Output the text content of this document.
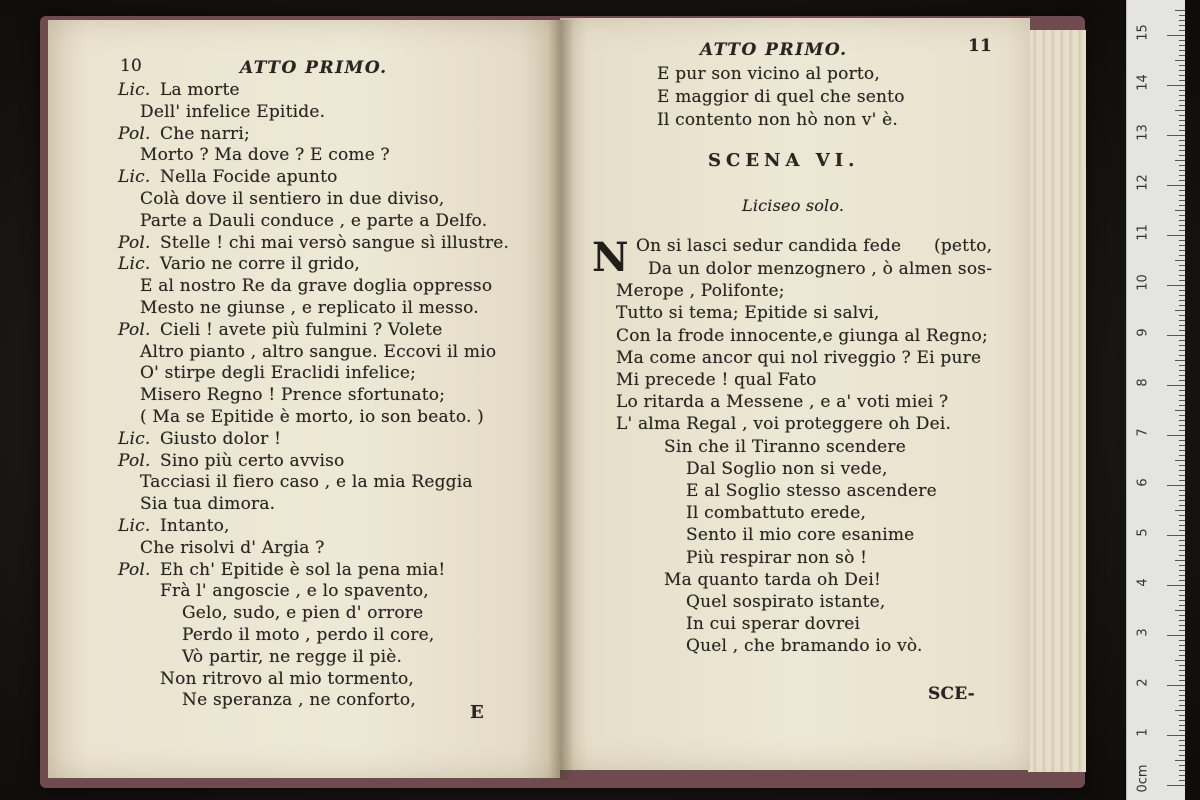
10	ATTO PRIMO.
Lic. La morte
Dell' infelice Epitide.
Pol. Che narri;
Morto ? Ma dove ? E come ?
Lic. Nella Focide apunto
Colà dove il sentiero in due diviso,
Parte a Dauli conduce , e parte a Delfo.
Pol. Stelle ! chi mai versò sangue sì illustre.
Lic. Vario ne corre il grido,
E al nostro Re da grave doglia oppresso
Mesto ne giunse , e replicato il messo.
Pol. Cieli ! avete più fulmini ? Volete
Altro pianto , altro sangue. Eccovi il mio
O' stirpe degli Eraclidi infelice;
Misero Regno ! Prence sfortunato;
( Ma se Epitide è morto, io son beato. )
Lic. Giusto dolor !
Pol. Sino più certo avviso
Tacciasi il fiero caso , e la mia Reggia
Sia tua dimora.
Lic. Intanto,
Che risolvi d' Argia ?
Pol. Eh ch' Epitide è sol la pena mia!
Frà l' angoscie , e lo spavento,
Gelo, sudo, e pien d' orrore
Perdo il moto , perdo il core,
Vò partir, ne regge il piè.
Non ritrovo al mio tormento,
Ne speranza , ne conforto,
E
ATTO PRIMO.	11
E pur son vicino al porto,
E maggior di quel che sento
Il contento non hò non v' è.
SCENA VI.
Liciseo solo.
N On si lasci sedur candida fede (petto,
Da un dolor menzognero , ò almen sos-
Merope , Polifonte;
Tutto si tema; Epitide si salvi,
Con la frode innocente,e giunga al Regno;
Ma come ancor qui nol riveggio ? Ei pure
Mi precede ! qual Fato
Lo ritarda a Messene , e a' voti miei ?
L' alma Regal , voi proteggere oh Dei.
Sin che il Tiranno scendere
Dal Soglio non si vede,
E al Soglio stesso ascendere
Il combattuto erede,
Sento il mio core esanime
Più respirar non sò !
Ma quanto tarda oh Dei!
Quel sospirato istante,
In cui sperar dovrei
Quel , che bramando io vò.
SCE-
0cm
1
2
3
4
5
6
7
8
9
10
11
12
13
14
15
